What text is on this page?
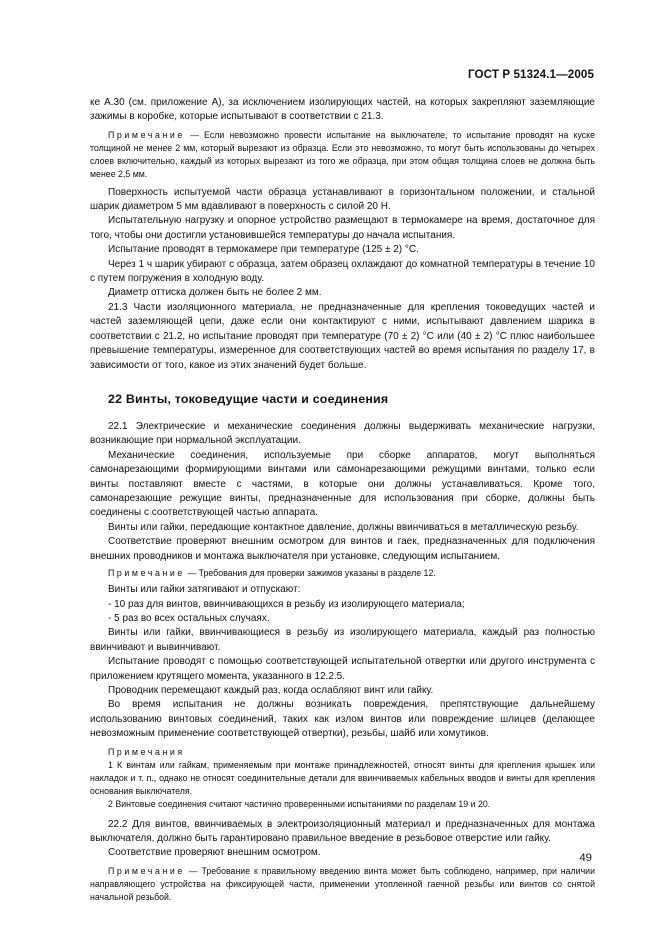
ГОСТ Р 51324.1—2005

ке А.30 (см. приложение А), за исключением изолирующих частей, на которых закрепляют заземляющие зажимы в коробке, которые испытывают в соответствии с 21.3.

Примечание — Если невозможно провести испытание на выключателе, то испытание проводят на куске толщиной не менее 2 мм, который вырезают из образца. Если это невозможно, то могут быть использованы до четырех слоев включительно, каждый из которых вырезают из того же образца, при этом общая толщина слоев не должна быть менее 2,5 мм.

Поверхность испытуемой части образца устанавливают в горизонтальном положении, и стальной шарик диаметром 5 мм вдавливают в поверхность с силой 20 Н.

Испытательную нагрузку и опорное устройство размещают в термокамере на время, достаточное для того, чтобы они достигли установившейся температуры до начала испытания.

Испытание проводят в термокамере при температуре (125 ± 2) °С.

Через 1 ч шарик убирают с образца, затем образец охлаждают до комнатной температуры в течение 10 с путем погружения в холодную воду.

Диаметр оттиска должен быть не более 2 мм.

21.3 Части изоляционного материала, не предназначенные для крепления токоведущих частей и частей заземляющей цепи, даже если они контактируют с ними, испытывают давлением шарика в соответствии с 21.2, но испытание проводят при температуре (70 ± 2) °С или (40 ± 2) °С плюс наибольшее превышение температуры, измеренное для соответствующих частей во время испытания по разделу 17, в зависимости от того, какое из этих значений будет больше.

22 Винты, токоведущие части и соединения

22.1 Электрические и механические соединения должны выдерживать механические нагрузки, возникающие при нормальной эксплуатации.

Механические соединения, используемые при сборке аппаратов, могут выполняться самонарезающими формирующими винтами или самонарезающими режущими винтами, только если винты поставляют вместе с частями, в которые они должны устанавливаться. Кроме того, самонарезающие режущие винты, предназначенные для использования при сборке, должны быть соединены с соответствующей частью аппарата.

Винты или гайки, передающие контактное давление, должны ввинчиваться в металлическую резьбу.

Соответствие проверяют внешним осмотром для винтов и гаек, предназначенных для подключения внешних проводников и монтажа выключателя при установке, следующим испытанием.

Примечание — Требования для проверки зажимов указаны в разделе 12.

Винты или гайки затягивают и отпускают:

- 10 раз для винтов, ввинчивающихся в резьбу из изолирующего материала;

- 5 раз во всех остальных случаях.

Винты или гайки, ввинчивающиеся в резьбу из изолирующего материала, каждый раз полностью ввинчивают и вывинчивают.

Испытание проводят с помощью соответствующей испытательной отвертки или другого инструмента с приложением крутящего момента, указанного в 12.2.5.

Проводник перемещают каждый раз, когда ослабляют винт или гайку.

Во время испытания не должны возникать повреждения, препятствующие дальнейшему использованию винтовых соединений, таких как излом винтов или повреждение шлицев (делающее невозможным применение соответствующей отвертки), резьбы, шайб или хомутиков.

Примечания

1 К винтам или гайкам, применяемым при монтаже принадлежностей, относят винты для крепления крышек или накладок и т. п., однако не относят соединительные детали для ввинчиваемых кабельных вводов и винты для крепления основания выключателя.

2 Винтовые соединения считают частично проверенными испытаниями по разделам 19 и 20.

22.2 Для винтов, ввинчиваемых в электроизоляционный материал и предназначенных для монтажа выключателя, должно быть гарантировано правильное введение в резьбовое отверстие или гайку.

Соответствие проверяют внешним осмотром.

Примечание — Требование к правильному введению винта может быть соблюдено, например, при наличии направляющего устройства на фиксирующей части, применении утопленной гаечной резьбы или винтов со снятой начальной резьбой.

49
